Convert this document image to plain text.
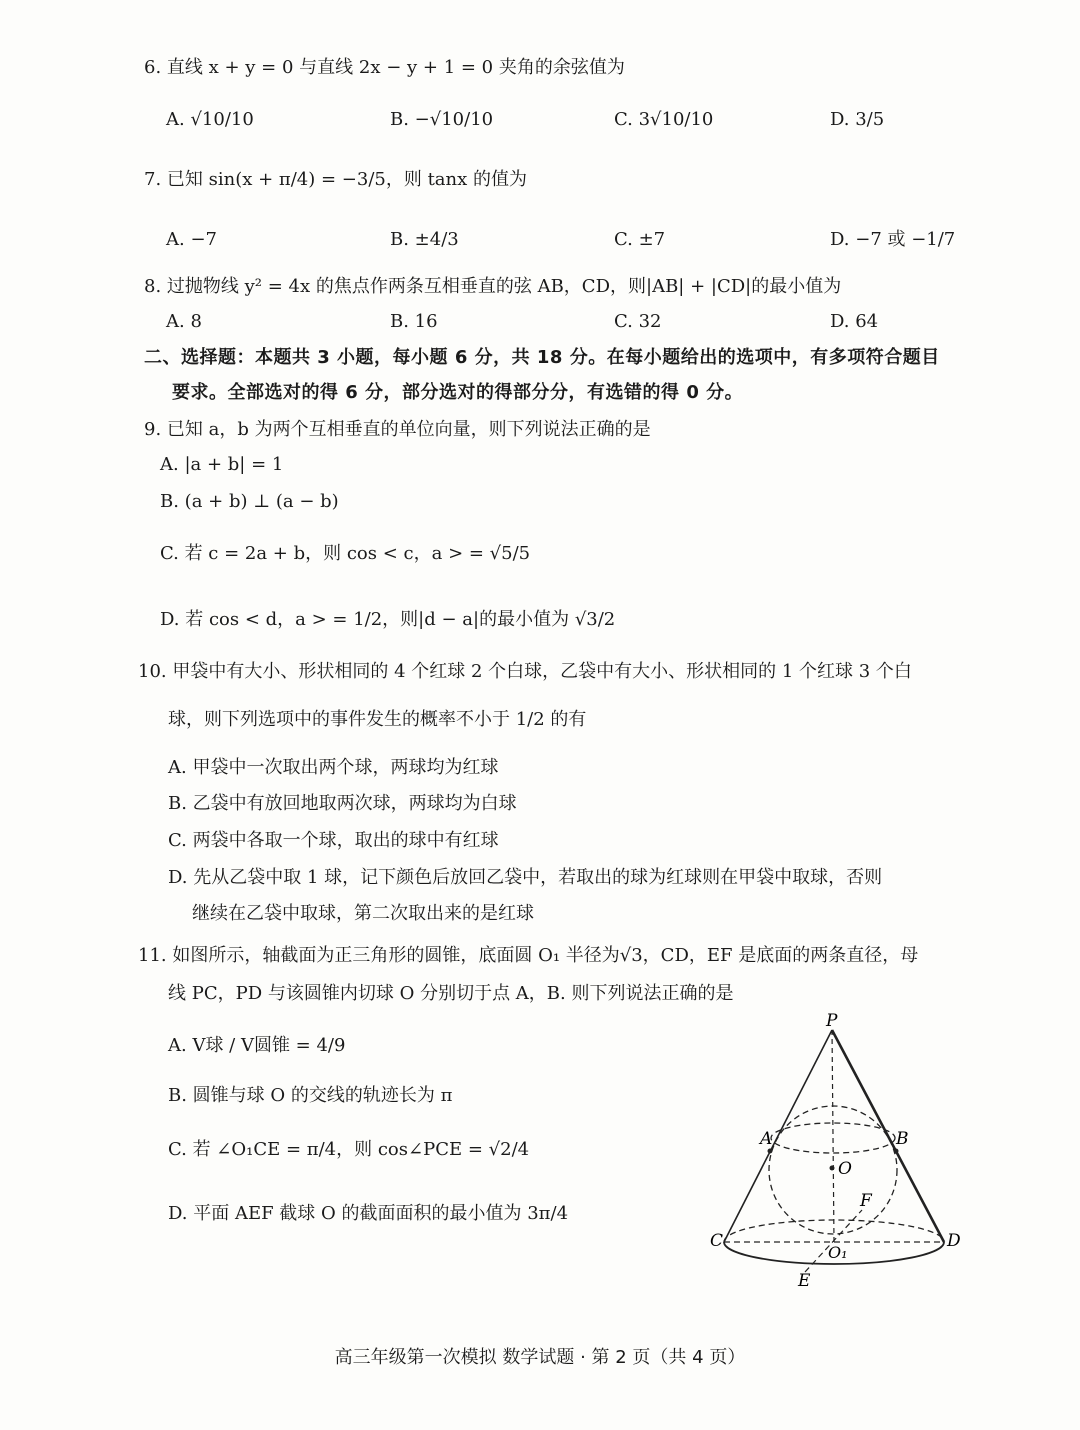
6. 直线 x + y = 0 与直线 2x − y + 1 = 0 夹角的余弦值为
A. √10/10	B. −√10/10	C. 3√10/10	D. 3/5
7. 已知 sin(x + π/4) = −3/5，则 tanx 的值为
A. −7	B. ±4/3	C. ±7	D. −7 或 −1/7
8. 过抛物线 y² = 4x 的焦点作两条互相垂直的弦 AB，CD，则|AB| + |CD|的最小值为
A. 8	B. 16	C. 32	D. 64
二、选择题：本题共 3 小题，每小题 6 分，共 18 分。在每小题给出的选项中，有多项符合题目
要求。全部选对的得 6 分，部分选对的得部分分，有选错的得 0 分。
9. 已知 a，b 为两个互相垂直的单位向量，则下列说法正确的是
A. |a + b| = 1
B. (a + b) ⊥ (a − b)
C. 若 c = 2a + b，则 cos < c，a > = √5/5
D. 若 cos < d，a > = 1/2，则|d − a|的最小值为 √3/2
10. 甲袋中有大小、形状相同的 4 个红球 2 个白球，乙袋中有大小、形状相同的 1 个红球 3 个白
球，则下列选项中的事件发生的概率不小于 1/2 的有
A. 甲袋中一次取出两个球，两球均为红球
B. 乙袋中有放回地取两次球，两球均为白球
C. 两袋中各取一个球，取出的球中有红球
D. 先从乙袋中取 1 球，记下颜色后放回乙袋中，若取出的球为红球则在甲袋中取球，否则
继续在乙袋中取球，第二次取出来的是红球
11. 如图所示，轴截面为正三角形的圆锥，底面圆 O₁ 半径为√3，CD，EF 是底面的两条直径，母
线 PC，PD 与该圆锥内切球 O 分别切于点 A，B. 则下列说法正确的是
A. V球 / V圆锥 = 4/9
B. 圆锥与球 O 的交线的轨迹长为 π
C. 若 ∠O₁CE = π/4，则 cos∠PCE = √2/4
D. 平面 AEF 截球 O 的截面面积的最小值为 3π/4
P
A	B
O
F
C
O₁
D
E
高三年级第一次模拟 数学试题 · 第 2 页（共 4 页）
